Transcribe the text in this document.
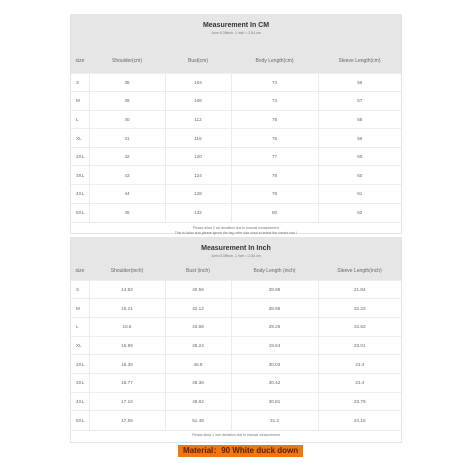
Measurement In CM
1cm=0.39inch ,1 inch = 2.54 cm
size	Shoulder(cm)	Bust(cm)	Body Length(cm)	Sleeve Length(cm)
S	38	104	74	56
M	39	108	74	57
L	40	112	75	58
XL	41	116	76	59
2XL	42	120	77	60
3XL	43	124	78	60
4XL	44	128	79	61
5XL	45	132	80	62
Please allow 2 cm deviation due to manual measurement
This is Asian size,please ignore the tag ,refer size chart to select the correct size !
Measurement In Inch
1cm=0.39inch ,1 inch = 2.54 cm
size	Shoulder(inch)	Bust (inch)	Body Length (inch)	Sleeve Length(inch)
S	14.82	40.56	28.86	21.84
M	15.21	42.12	28.86	22.23
L	15.6	43.68	29.25	22.62
XL	15.99	45.24	19.64	23.01
2XL	16.38	46.8	30.03	23.4
3XL	16.77	48.36	30.42	23.4
4XL	17.16	49.92	30.81	23.79
5XL	17.55	51.48	31.2	24.18
Please allow 1 inch deviation due to manual measurement
Material：90 White duck down
